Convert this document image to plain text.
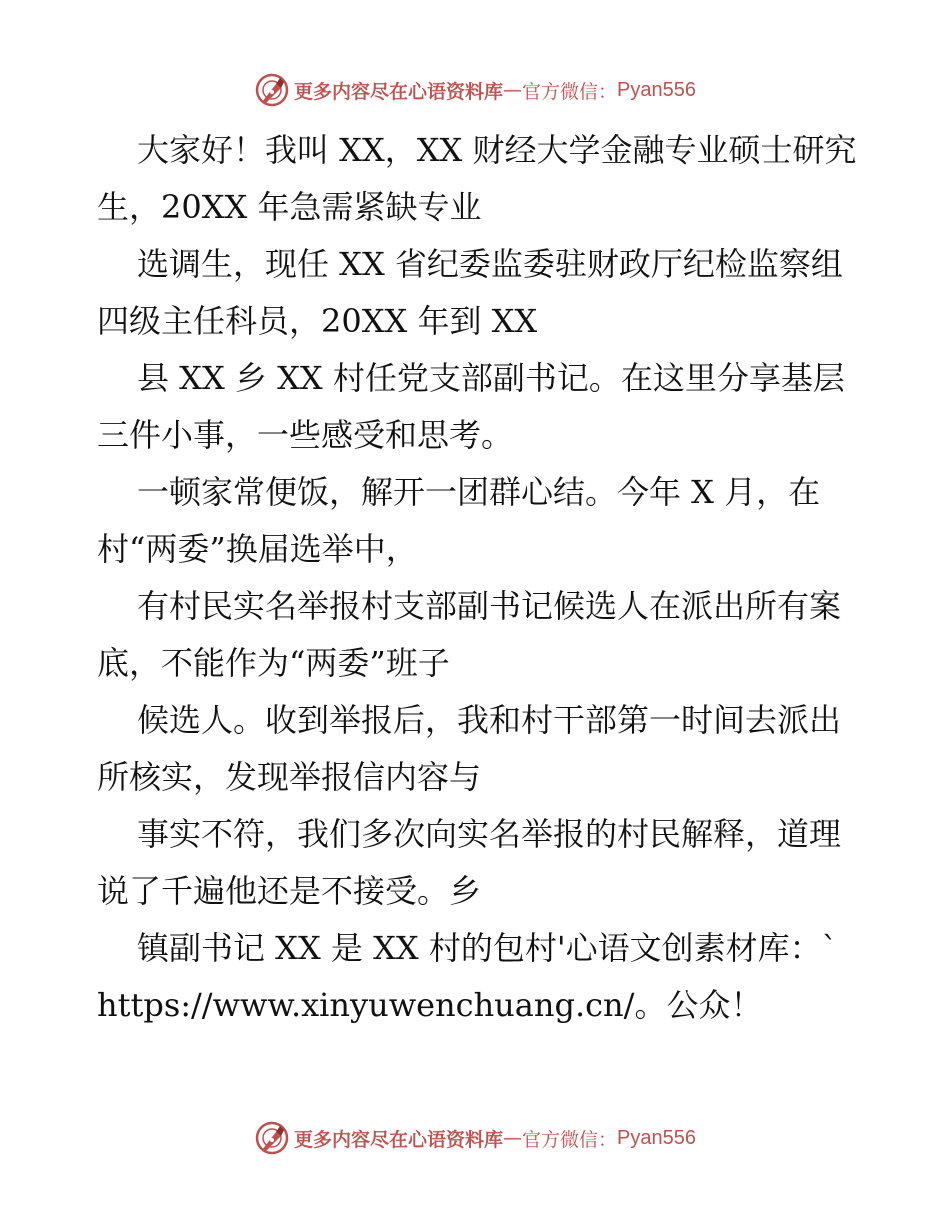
更多内容尽在心语资料库 — 官方微信： Pyan556

大家好！我叫 XX，XX 财经大学金融专业硕士研究生，20XX 年急需紧缺专业

选调生，现任 XX 省纪委监委驻财政厅纪检监察组四级主任科员，20XX 年到 XX

县 XX 乡 XX 村任党支部副书记。在这里分享基层三件小事，一些感受和思考。

一顿家常便饭，解开一团群心结。今年 X 月，在村“两委”换届选举中，

有村民实名举报村支部副书记候选人在派出所有案底，不能作为“两委”班子

候选人。收到举报后，我和村干部第一时间去派出所核实，发现举报信内容与

事实不符，我们多次向实名举报的村民解释，道理说了千遍他还是不接受。乡

镇副书记 XX 是 XX 村的包村'心语文创素材库：`https://www.xinyuwenchuang.cn/。公众！

更多内容尽在心语资料库 — 官方微信： Pyan556
